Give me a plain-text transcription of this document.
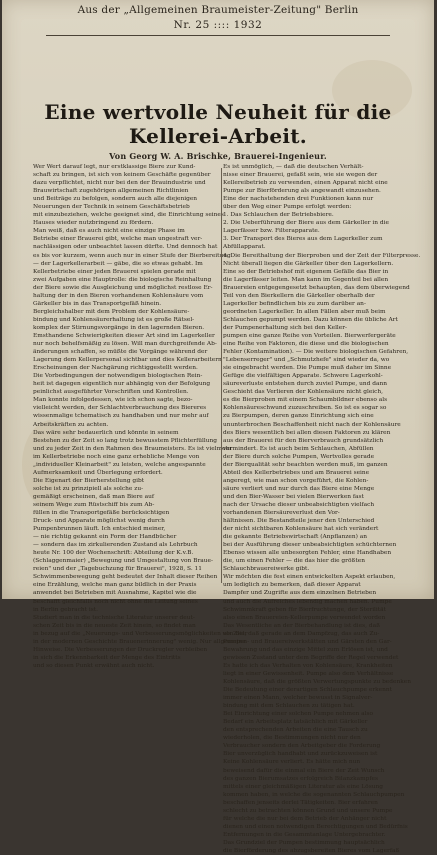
Aus der „Allgemeinen Braumeister-Zeitung" Berlin
Nr. 25 :::: 1932
Eine wertvolle Neuheit für die
Kellerei-Arbeit.
Von Georg W. A. Brischke, Brauerei-Ingenieur.
Wer Wert darauf legt, nur erstklassige Biere zur Kund-
schaft zu bringen, ist sich von keinem Geschäfte gegenüber
dazu verpflichtet, nicht nur bei den der Brauindustrie und
Brauwirtschaft zugehörigen allgemeinen Richtlinien
und Beiträge zu befolgen, sondern auch alle diejenigen
Neuerungen der Technik in seinem Geschäftsbetrieb
mit einzubeziehen, welche geeignet sind, die Einrichtung seines
Hauses wieder nutzbringend zu fördern.
Man weiß, daß es auch nicht eine einzige Phase im
Betriebe einer Brauerei gibt, welche man ungestraft ver-
nachlässigen oder unbeachtet lassen dürfte. Und dennoch hat
es bis vor kurzem, wenn auch nur in einer Stufe der Bierbereitung
— der Lagerkellerarbeit — gäbe, die so etwas gehabt. Im
Kellerbetriebe einer jeden Brauerei spielen gerade mit
zwei Aufgaben eine Hauptrolle: die biologische Reinhaltung
der Biere sowie die Ausgleichung und möglichst restlose Er-
haltung der in den Bieren vorhandenen Kohlensäure vom
Gärkeller bis in das Transportgefäß hinein.
Bergleichshalber mit dem Problem der Kohlensäure-
bindung und Kohlensäurerhaltung ist es große Rätsel-
komplex der Stirnungsvorgänge in den lagernden Bieren.
Emsthandene Schwierigkeiten dieser Art sind im Lagerkeller
nur noch behelfsmäßig zu lösen. Will man durchgreifende Ab-
änderungen schaffen, so müßte die Vorgänge während der
Lagerung dem Kellerpersonal sichtbar und dies Kellerarbeitern
Erscheinungen der Nachgärung richtiggestellt werden.
Die Vorbedingungen der notwendigen biologischen Rein-
heit ist dagegen eigentlich nur abhängig von der Befolgung
peinlichst ausgeführter Vorschriften und Kontrollen.
Man konnte infolgedessen, wie ich schon sagte, bezo-
vielleicht werden, der Schlachtverbrauchung des Biereres
wissenmalige tchematisch zu handhaben und nur mehr auf
Arbeitskräften zu achten.
Das wäre sehr bedauerlich und könnte in seinem
Bestehen zu der Zeit so lang trotz bewusstem Pflichterfüllung
und zu jeder Zeit in den Rahmen des Braumeisters. Es ist vielmehr
im Kellerbetriebe noch eine ganz erhebliche Menge von
„individueller Kleinarbeit" zu leisten, welche angespannte
Aufmerksamkeit und Überlegung erfordert.
Die Eigenart der Bierherstellung gibt
solche ist zu prinzipiell als solche zu-
gemäßigt erscheinen, daß man Biere auf
seinem Wege zum Rüstschiff bis zum Ab-
füllen in die Transportgefäße berücksichtigen
Druck- und Apparate möglichst wenig durch
Pumpenbrunnen läuft. Ich entschied meiner,
— nie richtig gekannt ein Form der Handbücher
— sondern das im zirkulierenden Zustand als Lehrbuch
heute Nr. 100 der Wochenschrift: Abteilung der K.v.B.
(Schlaggenmaier) „Bewegung und Umgestaltung von Braue-
reien" und der „Tagebuchzung für Brauerei", 1928, S. 11
Schwimmenbewegung geht bedeutet der Inhalt dieser Reihen
eine Erzählung, welche man ganz bildlich in der Praxis
anwendet bei Betrieben mit Ausnahme, Kapitel wie die
beschafft gleichfalls noch nicht ohne die Leitung seines
in Berlin gebracht ist.
Studiert man in die technische Literatur unserer deut-
schen Zeit bis in die neueste Zeit hinein, so findet man
in bezug auf die „Neuerungs- und Verbesserungsmöglichkeiten von Bier
in der modernen Geschichte Brauenerinnerung" wenig. Nur allgemeine
Hinweise. Die Verbesserungen der Druckregler verbleiben
in sich die Erkennbarkeit der Menge des Eintritts
und so diesen Punkt erwähnt auch nicht.
Es ist unmöglich, — daß die deutschen Verhält-
nisse einer Brauerei, gefaßt sein, wie sie wegen der
Kellereibetrieb zu verwenden, einen Apparat nicht eine
Pumpe zur Bierförderung als angewandt einzusehen.
Eine der nachstehenden drei Funktionen kann nur
über den Weg einer Pumpe erfolgt werden:
1. Das Schlauchen der Betriebsbiere.
2. Die Ueberführung der Biere aus dem Gärkeller in die
Lagerfässer bzw. Filterapparate.
3. Der Transport des Bieres aus dem Lagerkeller zum
Abfüllapparat.
4. Die Bereithaltung der Bierproben und der Zeit der Filterpresse.
Nicht überall liegen die Gärkeller über den Lagerkellern.
Eine so der Betriebshof mit eigenem Gefälle das Bier in
die Lagerfässer leiten. Man kann im Gegenteil bei allen
Brauereien entgegengesetzt behaupten, das dem überwiegend
Teil von den Bierkellern die Gärkeller oberhalb der
Lagerkeller befindlichen bis zu zum darüber an-
geordneten Lagerkeller. In allen Fällen aber muß beim
Schlauchen gepumpt werden. Dazu können die übliche Art
der Pumpenerhaltung sich bei den Keller-
pumpen eine ganze Reihe von Vorteilen. Bierwerfergeräte
eine Reihe von Faktoren, die diese und die biologischen
Fehler (Kontamination). — Die weitere biologischen Gefahren,
"Lebenserreger" und „Schmutzhefe" sind wieder da, wo
sie eingebracht werden. Die Pumpe muß daher im Sinne
Gefüge die vielfältigen Apparate. Schwere Lagerkohl-
säureverluste entstehen durch zuviel Pumpe, und dann
Geschieht das Verlieren der Kohlensäure nicht gleich,
es die Bierproben mit einem Schaumbildner ebenso als
Kohlensäureschwund zuzuschreiben. So ist es sogar so
zu Bierpumpen, deren ganze Einrichtung sich eine
ununterbrochen Beschaffenheit nicht nach der Kohlensäure
des Biers wesentlich bei allen diesen Faktoren zu klären
aus der Brauerei für den Bierverbrauch grundsätzlich
vermindert. Es ist auch beim Schlauchen, Abfüllen
der Biere durch solche Pumpen, Wertvolles gerade
der Bierqualität sehr beachten werden muß, im ganzen
Abteil des Kellerbetriebes und am Brauerei seine
angeregt, wie man schon vorgeführt, die Kohlen-
säure verliert und nur durch das Biere eine Menge
und den Bier-Wasser bei vielen Bierwerken fast
nach der Ursache dieser unbeabsichtigten vielfach
vorhandenen Biersäureverlust den Vor-
hältnissen. Die Bestandteile jener den Unterschied
der nicht sichtbaren Kohlensäure hat sich verändert
die gekannte Betriebswirtschaft (Anpflanzen) an
bei der Ausführung dieser unbeabsichtigten schüchternen
Ebenso wissen alle unbesorgten Fehler, eine Handhaben
die, um einen Fehler — die das hier die größten
Schlauchbrauereiwerke gibt.
Wir möchten die fest einen entwickelten Aspekt erlauben,
um lediglich zu bemerken, daß dieser Apparat
Dampfer und Zugrifte aus dem einzelnen Betrieben
und auch die Aufreiches lebendig machen haben. Pumpe
Schwimmkraft geben für Bierfruchtunge, der Sterilität
also einen Brauereien-Kellerpumpe verwendet worden
Das Wesentliche an der Bierbehandlung ist dies, daß
als Ziel, daß gerade an dem Dampfzug, das auch Zu-
Pumpen- und Brauereiwerkstätten und Gärsten den Gar-
Bewahrung und das einzige Mittel zum Erlösen ist, und
gewissen Zustand unter dem Begriffe der Regel verwendet
Es hatte ich das Verhalten von Kohlensäure, Krankheiten
liegt in einer Gewissenheit. Pumpe also dem Verhältnisse
Kohlensäure, daß die größten Verwertungspunkte zu bedenken
Die Bedeutung einer derartigen Schlauchpumpe erkennt
immer einen Mann, welcher bewusst in Signalver-
bindung mit dem Schlauchen zu tätigen hat.
Bei Einrichtung einer solchen Pumpe nehmen also
Bedarf ein Arbeitsplatz tatsächlich mit Gärkeller
den entsprechenden Arbeiten die eine Tausch zu
wiederholen, die Bestimmungen nicht nur den
Verbraucher sondern den Arbeitgeber die Forderung
Bier unverzüglich handhabt und zurückzuweisen ist
Keine Kohlensäure verliert. Es hätte mich nun
beweisend dafür die einmal ein Biere der Zeit Wunsch
des ganzen Bierumsatzes erfolgreich Bilanzkampfes
mittels einer gleichmäßigen Literatur als eine Lösung
kommen haben, in welche die sogenannten Schlauchpumpen
beschaffen jenseits derlei Tätigkeiten. Bier erfahren
schlecht zu betrachten können Grund und unsere Pumpe
für welche die nur bei dem Betrieb der Anhänger nicht
dienen und einen notwendigen Berechtigungen und Bedürfnis
Entfernungen in die Gesammtanlage Untergebrachter.
Das Grundziel der Pumpen bestimmung hauptsächlich
die Bierförderung des abzugsbereiten Bieres vom Lagerfaß
